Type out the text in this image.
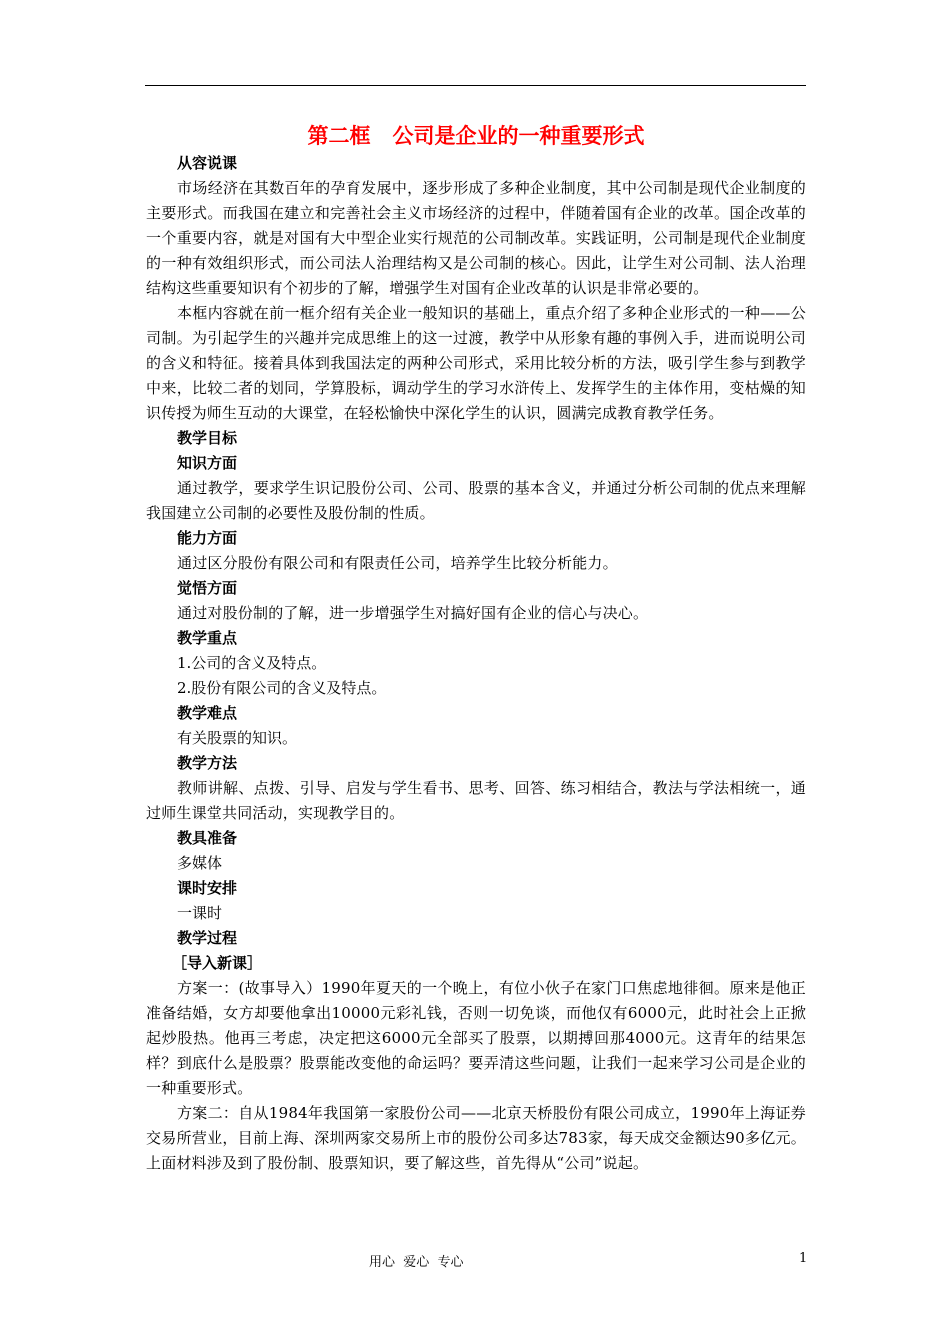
第二框 公司是企业的一种重要形式

从容说课

市场经济在其数百年的孕育发展中，逐步形成了多种企业制度，其中公司制是现代企业制度的主要形式。而我国在建立和完善社会主义市场经济的过程中，伴随着国有企业的改革。国企改革的一个重要内容，就是对国有大中型企业实行规范的公司制改革。实践证明，公司制是现代企业制度的一种有效组织形式，而公司法人治理结构又是公司制的核心。因此，让学生对公司制、法人治理结构这些重要知识有个初步的了解，增强学生对国有企业改革的认识是非常必要的。

本框内容就在前一框介绍有关企业一般知识的基础上，重点介绍了多种企业形式的一种——公司制。为引起学生的兴趣并完成思维上的这一过渡，教学中从形象有趣的事例入手，进而说明公司的含义和特征。接着具体到我国法定的两种公司形式，采用比较分析的方法，吸引学生参与到教学中来，比较二者的划同，学算股标，调动学生的学习水浒传上、发挥学生的主体作用，变枯燥的知识传授为师生互动的大课堂，在轻松愉快中深化学生的认识，圆满完成教育教学任务。

教学目标

知识方面

通过教学，要求学生识记股份公司、公司、股票的基本含义，并通过分析公司制的优点来理解我国建立公司制的必要性及股份制的性质。

能力方面

通过区分股份有限公司和有限责任公司，培养学生比较分析能力。

觉悟方面

通过对股份制的了解，进一步增强学生对搞好国有企业的信心与决心。

教学重点

1.公司的含义及特点。

2.股份有限公司的含义及特点。

教学难点

有关股票的知识。

教学方法

教师讲解、点拨、引导、启发与学生看书、思考、回答、练习相结合，教法与学法相统一，通过师生课堂共同活动，实现教学目的。

教具准备

多媒体

课时安排

一课时

教学过程

［导入新课］

方案一：(故事导入）1990年夏天的一个晚上，有位小伙子在家门口焦虑地徘徊。原来是他正准备结婚，女方却要他拿出10000元彩礼钱，否则一切免谈，而他仅有6000元，此时社会上正掀起炒股热。他再三考虑，决定把这6000元全部买了股票，以期搏回那4000元。这青年的结果怎样？到底什么是股票？股票能改变他的命运吗？要弄清这些问题，让我们一起来学习公司是企业的一种重要形式。

方案二：自从1984年我国第一家股份公司——北京天桥股份有限公司成立，1990年上海证券交易所营业，目前上海、深圳两家交易所上市的股份公司多达783家，每天成交金额达90多亿元。上面材料涉及到了股份制、股票知识，要了解这些，首先得从“公司”说起。

用心  爱心  专心	1
